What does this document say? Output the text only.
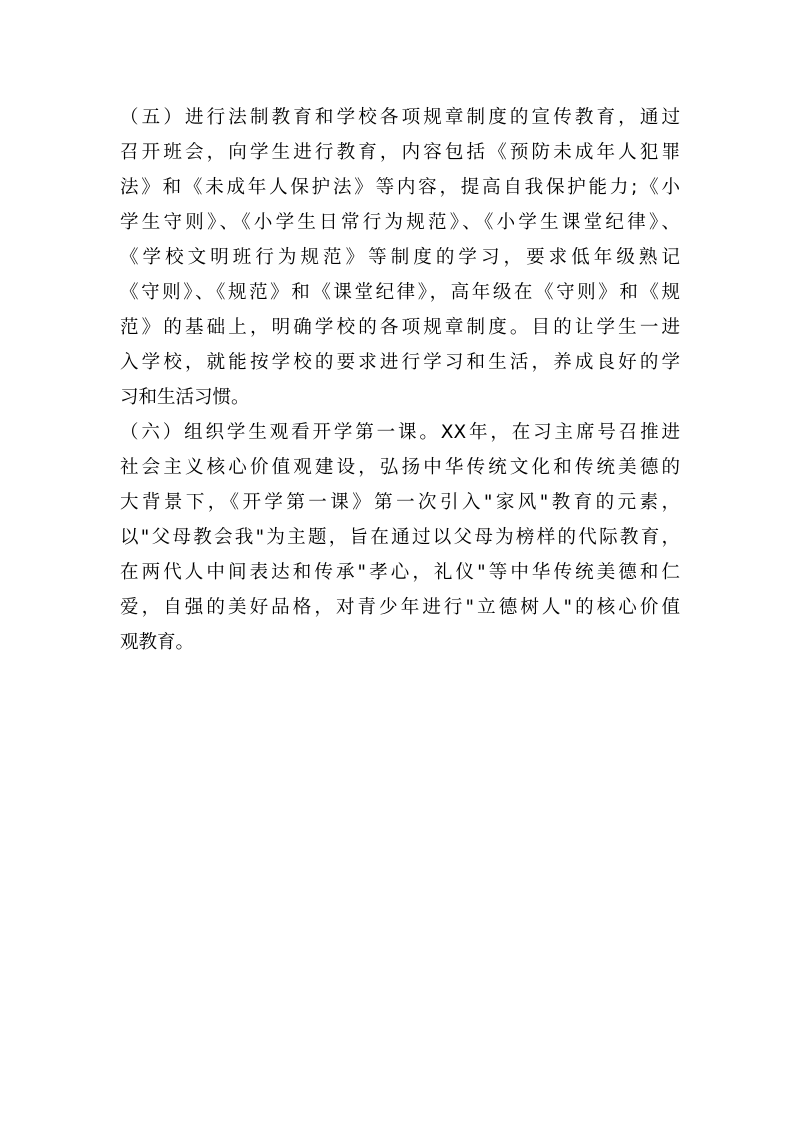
（五）进行法制教育和学校各项规章制度的宣传教育，通过
召开班会，向学生进行教育，内容包括《预防未成年人犯罪
法》和《未成年人保护法》等内容，提高自我保护能力;《小
学生守则》、《小学生日常行为规范》、《小学生课堂纪律》、
《学校文明班行为规范》等制度的学习，要求低年级熟记
《守则》、《规范》和《课堂纪律》，高年级在《守则》和《规
范》的基础上，明确学校的各项规章制度。目的让学生一进
入学校，就能按学校的要求进行学习和生活，养成良好的学
习和生活习惯。
（六）组织学生观看开学第一课。XX年，在习主席号召推进
社会主义核心价值观建设，弘扬中华传统文化和传统美德的
大背景下，《开学第一课》第一次引入"家风"教育的元素，
以"父母教会我"为主题，旨在通过以父母为榜样的代际教育，
在两代人中间表达和传承"孝心，礼仪"等中华传统美德和仁
爱，自强的美好品格，对青少年进行"立德树人"的核心价值
观教育。
